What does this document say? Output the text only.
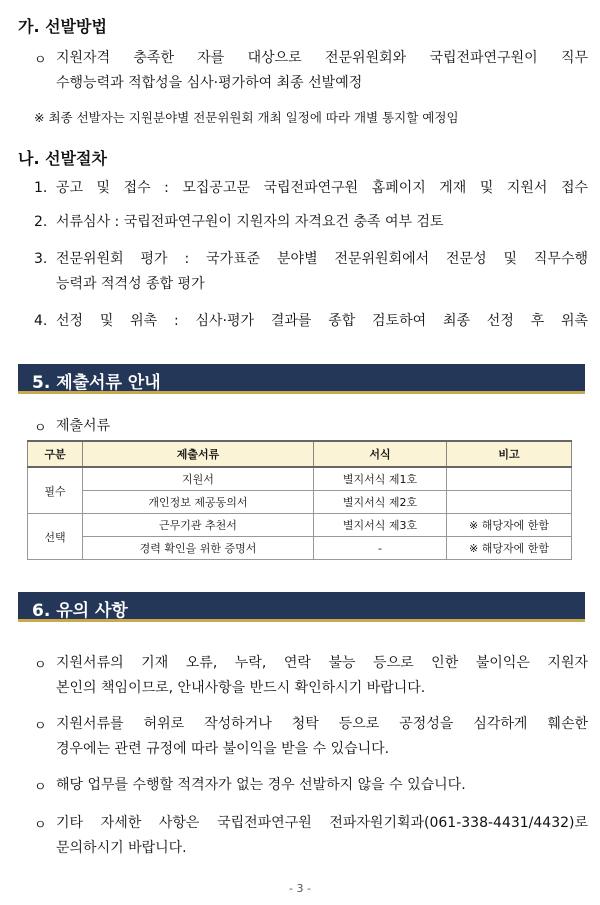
가. 선발방법
ㅇ 지원자격 충족한 자를 대상으로 전문위원회와 국립전파연구원이 직무
수행능력과 적합성을 심사·평가하여 최종 선발예정
※ 최종 선발자는 지원분야별 전문위원회 개최 일정에 따라 개별 통지할 예정임
나. 선발절차
1. 공고 및 접수 : 모집공고문 국립전파연구원 홈페이지 게재 및 지원서 접수
2. 서류심사 : 국립전파연구원이 지원자의 자격요건 충족 여부 검토
3. 전문위원회 평가 : 국가표준 분야별 전문위원회에서 전문성 및 직무수행
능력과 적격성 종합 평가
4. 선정 및 위촉 : 심사·평가 결과를 종합 검토하여 최종 선정 후 위촉
5. 제출서류 안내
ㅇ 제출서류
구분	제출서류	서식	비고
필수	지원서	별지서식 제1호	
	개인정보 제공동의서	별지서식 제2호	
선택	근무기관 추천서	별지서식 제3호	※ 해당자에 한함
	경력 확인을 위한 증명서	-	※ 해당자에 한함
6. 유의 사항
ㅇ 지원서류의 기재 오류, 누락, 연락 불능 등으로 인한 불이익은 지원자
본인의 책임이므로, 안내사항을 반드시 확인하시기 바랍니다.
ㅇ 지원서류를 허위로 작성하거나 청탁 등으로 공정성을 심각하게 훼손한
경우에는 관련 규정에 따라 불이익을 받을 수 있습니다.
ㅇ 해당 업무를 수행할 적격자가 없는 경우 선발하지 않을 수 있습니다.
ㅇ 기타 자세한 사항은 국립전파연구원 전파자원기획과(061-338-4431/4432)로
문의하시기 바랍니다.
- 3 -
